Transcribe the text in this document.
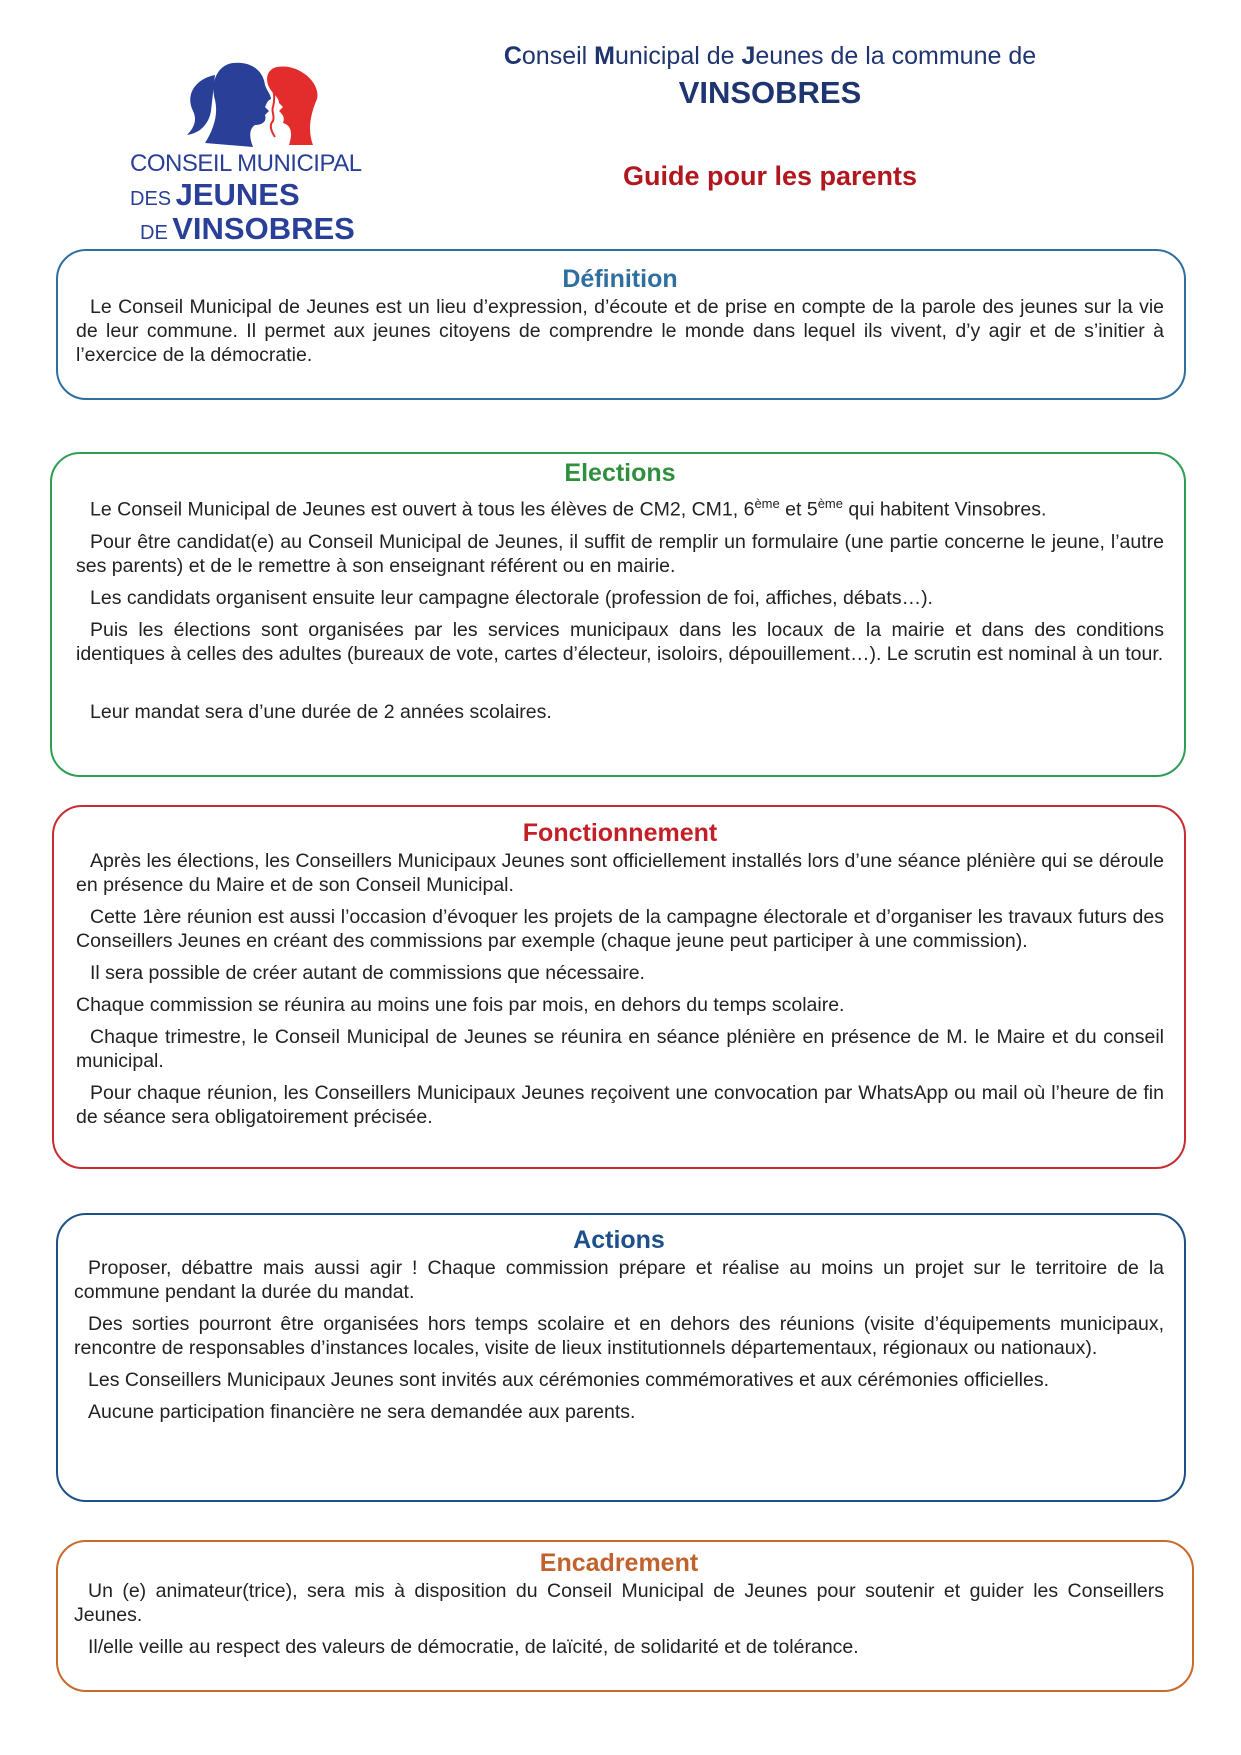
CONSEIL MUNICIPAL
DES JEUNES
DE VINSOBRES
Conseil Municipal de Jeunes de la commune de
VINSOBRES
Guide pour les parents
Définition

Le Conseil Municipal de Jeunes est un lieu d’expression, d’écoute et de prise en compte de la parole des jeunes sur la vie de leur commune. Il permet aux jeunes citoyens de comprendre le monde dans lequel ils vivent, d’y agir et de s’initier à l’exercice de la démocratie.

Elections

Le Conseil Municipal de Jeunes est ouvert à tous les élèves de CM2, CM1, 6ème et 5ème qui habitent Vinsobres.

Pour être candidat(e) au Conseil Municipal de Jeunes, il suffit de remplir un formulaire (une partie concerne le jeune, l’autre ses parents) et de le remettre à son enseignant référent ou en mairie.

Les candidats organisent ensuite leur campagne électorale (profession de foi, affiches, débats…).

Puis les élections sont organisées par les services municipaux dans les locaux de la mairie et dans des conditions identiques à celles des adultes (bureaux de vote, cartes d’électeur, isoloirs, dépouillement…). Le scrutin est nominal à un tour.

Leur mandat sera d’une durée de 2 années scolaires.

Fonctionnement

Après les élections, les Conseillers Municipaux Jeunes sont officiellement installés lors d’une séance plénière qui se déroule en présence du Maire et de son Conseil Municipal.

Cette 1ère réunion est aussi l’occasion d’évoquer les projets de la campagne électorale et d’organiser les travaux futurs des Conseillers Jeunes en créant des commissions par exemple (chaque jeune peut participer à une commission).

Il sera possible de créer autant de commissions que nécessaire.

Chaque commission se réunira au moins une fois par mois, en dehors du temps scolaire.

Chaque trimestre, le Conseil Municipal de Jeunes se réunira en séance plénière en présence de M. le Maire et du conseil municipal.

Pour chaque réunion, les Conseillers Municipaux Jeunes reçoivent une convocation par WhatsApp ou mail où l’heure de fin de séance sera obligatoirement précisée.

Actions

Proposer, débattre mais aussi agir ! Chaque commission prépare et réalise au moins un projet sur le territoire de la commune pendant la durée du mandat.

Des sorties pourront être organisées hors temps scolaire et en dehors des réunions (visite d’équipements municipaux, rencontre de responsables d’instances locales, visite de lieux institutionnels départementaux, régionaux ou nationaux).

Les Conseillers Municipaux Jeunes sont invités aux cérémonies commémoratives et aux cérémonies officielles.

Aucune participation financière ne sera demandée aux parents.

Encadrement

Un (e) animateur(trice), sera mis à disposition du Conseil Municipal de Jeunes pour soutenir et guider les Conseillers Jeunes.

Il/elle veille au respect des valeurs de démocratie, de laïcité, de solidarité et de tolérance.
